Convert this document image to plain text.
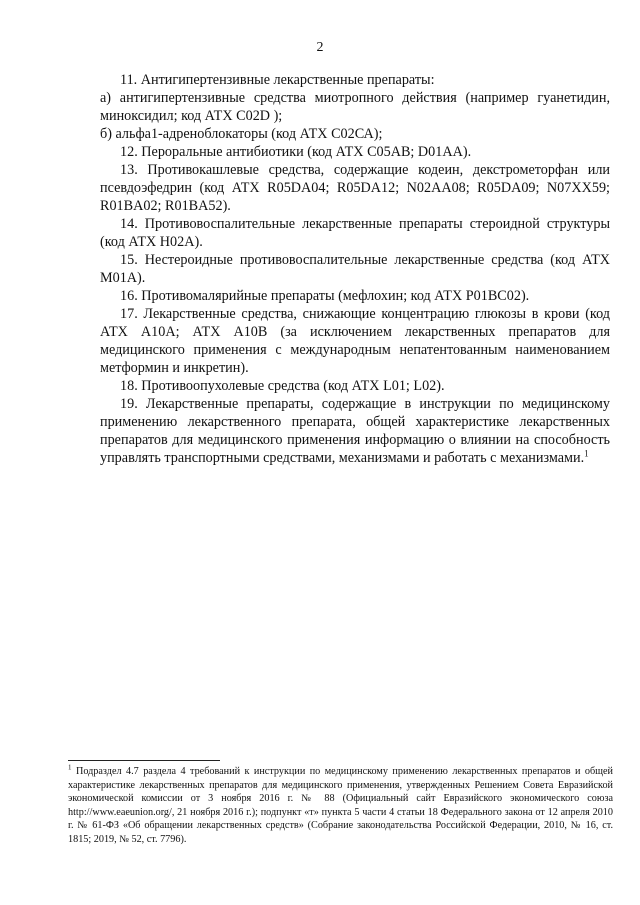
2

11. Антигипертензивные лекарственные препараты:

а) антигипертензивные средства миотропного действия (например гуанетидин, миноксидил; код АТХ С02D );

б) альфа1-адреноблокаторы (код АТХ С02СА);

12. Пероральные антибиотики (код АТХ С05АВ; D01AA).

13. Противокашлевые средства, содержащие кодеин, декстрометорфан или псевдоэфедрин (код АТХ R05DA04; R05DA12; N02AA08; R05DA09; N07XX59; R01BA02; R01BA52).

14. Противовоспалительные лекарственные препараты стероидной структуры (код АТХ Н02А).

15. Нестероидные противовоспалительные лекарственные средства (код АТХ М01А).

16. Противомалярийные препараты (мефлохин; код АТХ Р01ВС02).

17. Лекарственные средства, снижающие концентрацию глюкозы в крови (код АТХ А10А; АТХ А10В (за исключением лекарственных препаратов для медицинского применения с международным непатентованным наименованием метформин и инкретин).

18. Противоопухолевые средства (код АТХ L01; L02).

19. Лекарственные препараты, содержащие в инструкции по медицинскому применению лекарственного препарата, общей характеристике лекарственных препаратов для медицинского применения информацию о влиянии на способность управлять транспортными средствами, механизмами и работать с механизмами.$^1$

$^1$ Подраздел 4.7 раздела 4 требований к инструкции по медицинскому применению лекарственных препаратов и общей характеристике лекарственных препаратов для медицинского применения, утвержденных Решением Совета Евразийской экономической комиссии от 3 ноября 2016 г. № 88 (Официальный сайт Евразийского экономического союза http://www.eaeunion.org/, 21 ноября 2016 г.); подпункт «т» пункта 5 части 4 статьи 18 Федерального закона от 12 апреля 2010 г. № 61-ФЗ «Об обращении лекарственных средств» (Собрание законодательства Российской Федерации, 2010, № 16, ст. 1815; 2019, № 52, ст. 7796).
